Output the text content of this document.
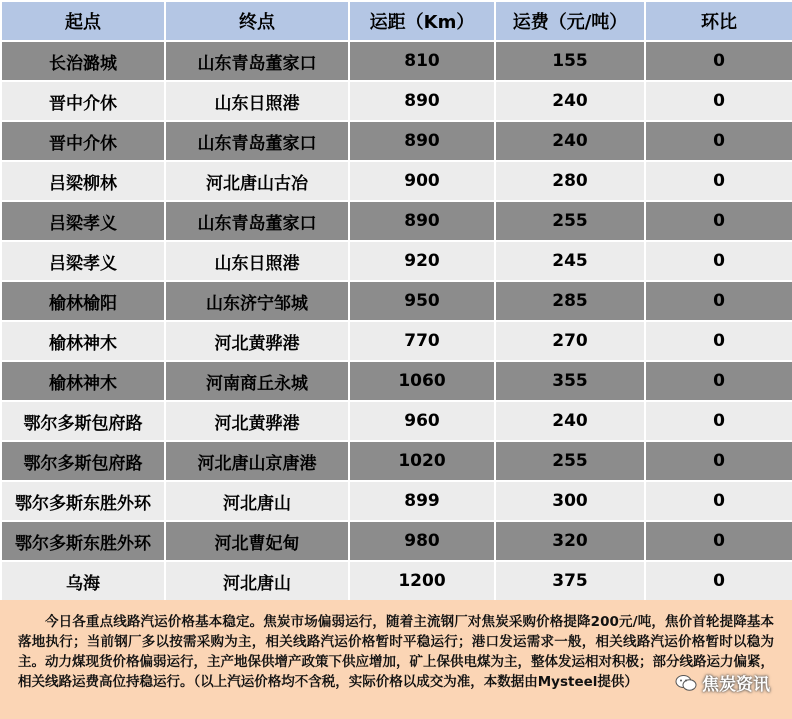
起点	终点	运距（Km）	运费（元/吨）	环比
长治潞城	山东青岛董家口	810	155	0
晋中介休	山东日照港	890	240	0
晋中介休	山东青岛董家口	890	240	0
吕梁柳林	河北唐山古冶	900	280	0
吕梁孝义	山东青岛董家口	890	255	0
吕梁孝义	山东日照港	920	245	0
榆林榆阳	山东济宁邹城	950	285	0
榆林神木	河北黄骅港	770	270	0
榆林神木	河南商丘永城	1060	355	0
鄂尔多斯包府路	河北黄骅港	960	240	0
鄂尔多斯包府路	河北唐山京唐港	1020	255	0
鄂尔多斯东胜外环	河北唐山	899	300	0
鄂尔多斯东胜外环	河北曹妃甸	980	320	0
乌海	河北唐山	1200	375	0

今日各重点线路汽运价格基本稳定。焦炭市场偏弱运行，随着主流钢厂对焦炭采购价格提降200元/吨，焦价首轮提降基本落地执行；当前钢厂多以按需采购为主，相关线路汽运价格暂时平稳运行；港口发运需求一般，相关线路汽运价格暂时以稳为主。动力煤现货价格偏弱运行，主产地保供增产政策下供应增加，矿上保供电煤为主，整体发运相对积极；部分线路运力偏紧，相关线路运费高位持稳运行。（以上汽运价格均不含税，实际价格以成交为准，本数据由Mysteel提供）	焦炭资讯
